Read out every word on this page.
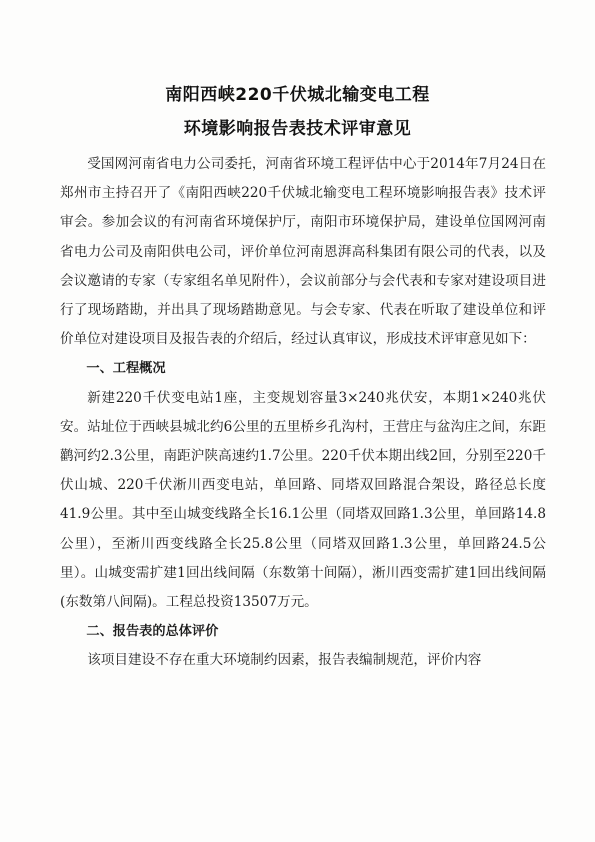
南阳西峡220千伏城北输变电工程
环境影响报告表技术评审意见

受国网河南省电力公司委托，河南省环境工程评估中心于2014年7月24日在郑州市主持召开了《南阳西峡220千伏城北输变电工程环境影响报告表》技术评审会。参加会议的有河南省环境保护厅，南阳市环境保护局，建设单位国网河南省电力公司及南阳供电公司，评价单位河南恩湃高科集团有限公司的代表，以及会议邀请的专家（专家组名单见附件），会议前部分与会代表和专家对建设项目进行了现场踏勘，并出具了现场踏勘意见。与会专家、代表在听取了建设单位和评价单位对建设项目及报告表的介绍后，经过认真审议，形成技术评审意见如下：

一、工程概况

新建220千伏变电站1座，主变规划容量3×240兆伏安，本期1×240兆伏安。站址位于西峡县城北约6公里的五里桥乡孔沟村，王营庄与盆沟庄之间，东距鹳河约2.3公里，南距沪陕高速约1.7公里。220千伏本期出线2回，分别至220千伏山城、220千伏淅川西变电站，单回路、同塔双回路混合架设，路径总长度41.9公里。其中至山城变线路全长16.1公里（同塔双回路1.3公里，单回路14.8公里），至淅川西变线路全长25.8公里（同塔双回路1.3公里，单回路24.5公里）。山城变需扩建1回出线间隔（东数第十间隔），淅川西变需扩建1回出线间隔(东数第八间隔)。工程总投资13507万元。

二、报告表的总体评价

该项目建设不存在重大环境制约因素，报告表编制规范，评价内容
